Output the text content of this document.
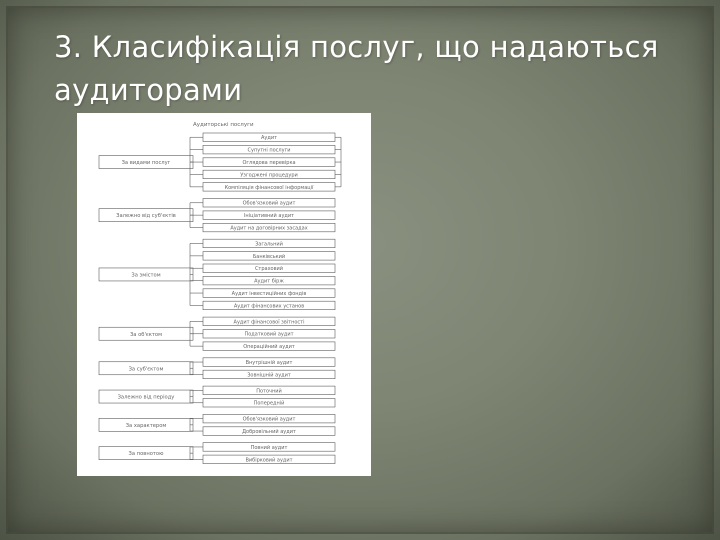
3. Класифікація послуг, що надаються аудиторами
Аудиторські послуги
За видами послуг
Аудит
Супутні послуги
Оглядова перевірка
Узгоджені процедури
Компіляція фінансової інформації
Залежно від суб'єктів
Обов'язковий аудит
Ініціативний аудит
Аудит на договірних засадах
За змістом
Загальний
Банківський
Страховий
Аудит бірж
Аудит інвестиційних фондів
Аудит фінансових установ
За об'єктом
Аудит фінансової звітності
Податковий аудит
Операційний аудит
За суб'єктом
Внутрішній аудит
Зовнішній аудит
Залежно від періоду
Поточний
Попередній
За характером
Обов'язковий аудит
Добровільний аудит
За повнотою
Повний аудит
Вибірковий аудит
